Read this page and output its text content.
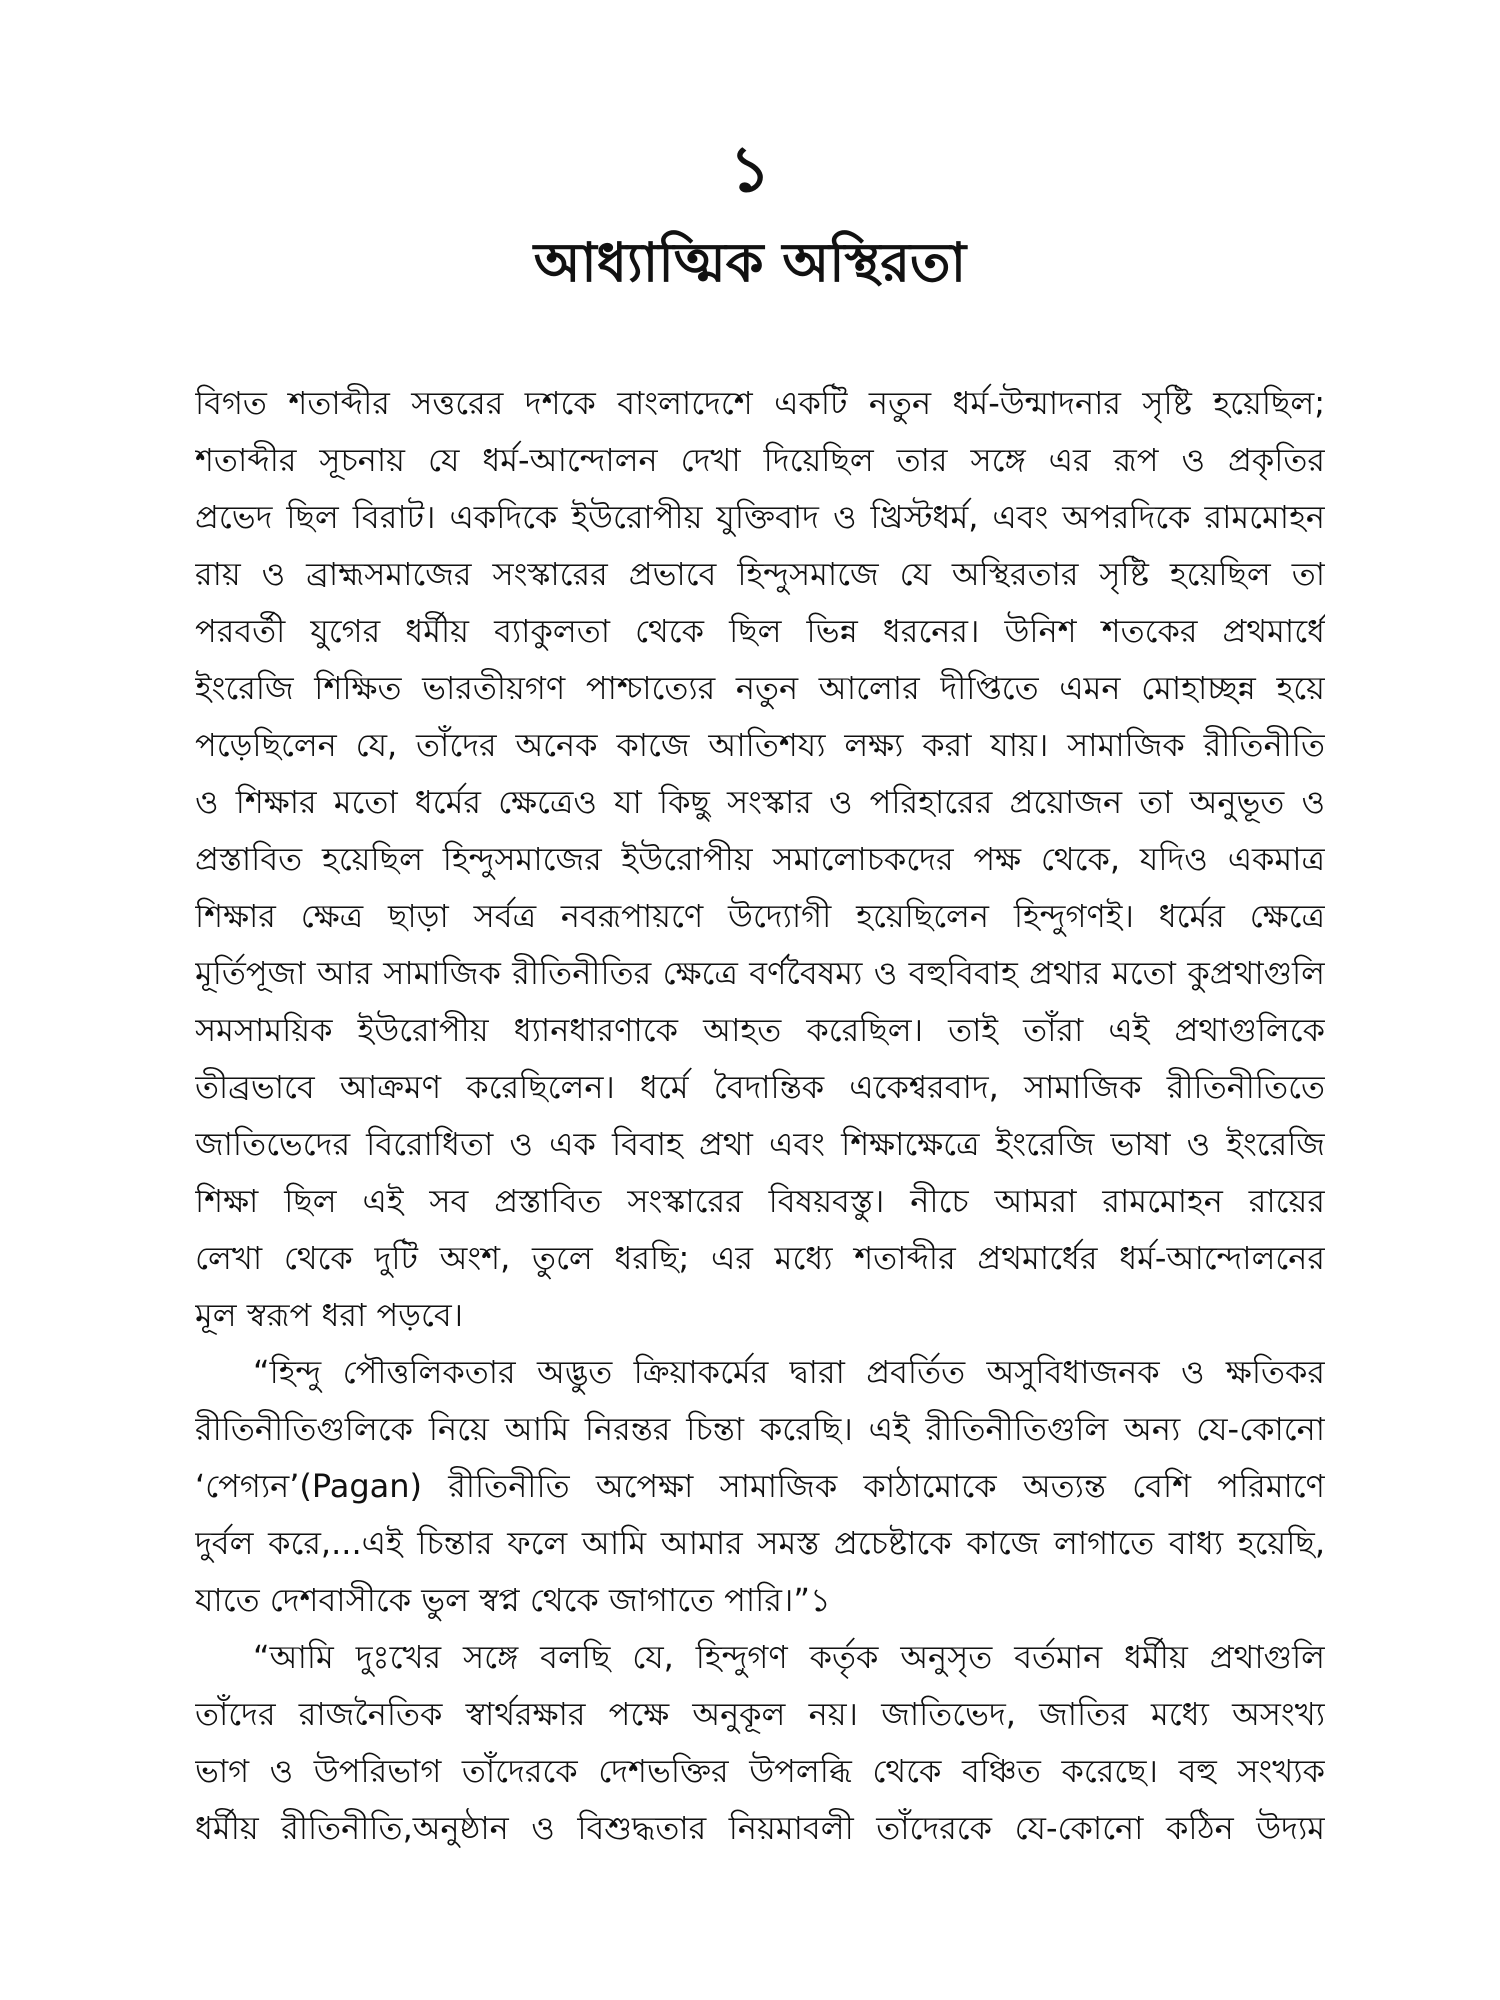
১
আধ্যাত্মিক অস্থিরতা

বিগত শতাব্দীর সত্তরের দশকে বাংলাদেশে একটি নতুন ধর্ম-উন্মাদনার সৃষ্টি হয়েছিল;
শতাব্দীর সূচনায় যে ধর্ম-আন্দোলন দেখা দিয়েছিল তার সঙ্গে এর রূপ ও প্রকৃতির
প্রভেদ ছিল বিরাট। একদিকে ইউরোপীয় যুক্তিবাদ ও খ্রিস্টধর্ম, এবং অপরদিকে রামমোহন
রায় ও ব্রাহ্মসমাজের সংস্কারের প্রভাবে হিন্দুসমাজে যে অস্থিরতার সৃষ্টি হয়েছিল তা
পরবর্তী যুগের ধর্মীয় ব্যাকুলতা থেকে ছিল ভিন্ন ধরনের। উনিশ শতকের প্রথমার্ধে
ইংরেজি শিক্ষিত ভারতীয়গণ পাশ্চাত্যের নতুন আলোর দীপ্তিতে এমন মোহাচ্ছন্ন হয়ে
পড়েছিলেন যে, তাঁদের অনেক কাজে আতিশয্য লক্ষ্য করা যায়। সামাজিক রীতিনীতি
ও শিক্ষার মতো ধর্মের ক্ষেত্রেও যা কিছু সংস্কার ও পরিহারের প্রয়োজন তা অনুভূত ও
প্রস্তাবিত হয়েছিল হিন্দুসমাজের ইউরোপীয় সমালোচকদের পক্ষ থেকে, যদিও একমাত্র
শিক্ষার ক্ষেত্র ছাড়া সর্বত্র নবরূপায়ণে উদ্যোগী হয়েছিলেন হিন্দুগণই। ধর্মের ক্ষেত্রে
মূর্তিপূজা আর সামাজিক রীতিনীতির ক্ষেত্রে বর্ণবৈষম্য ও বহুবিবাহ প্রথার মতো কুপ্রথাগুলি
সমসাময়িক ইউরোপীয় ধ্যানধারণাকে আহত করেছিল। তাই তাঁরা এই প্রথাগুলিকে
তীব্রভাবে আক্রমণ করেছিলেন। ধর্মে বৈদান্তিক একেশ্বরবাদ, সামাজিক রীতিনীতিতে
জাতিভেদের বিরোধিতা ও এক বিবাহ প্রথা এবং শিক্ষাক্ষেত্রে ইংরেজি ভাষা ও ইংরেজি
শিক্ষা ছিল এই সব প্রস্তাবিত সংস্কারের বিষয়বস্তু। নীচে আমরা রামমোহন রায়ের
লেখা থেকে দুটি অংশ, তুলে ধরছি; এর মধ্যে শতাব্দীর প্রথমার্ধের ধর্ম-আন্দোলনের
মূল স্বরূপ ধরা পড়বে।

“হিন্দু পৌত্তলিকতার অদ্ভুত ক্রিয়াকর্মের দ্বারা প্রবর্তিত অসুবিধাজনক ও ক্ষতিকর
রীতিনীতিগুলিকে নিয়ে আমি নিরন্তর চিন্তা করেছি। এই রীতিনীতিগুলি অন্য যে-কোনো
‘পেগ্যন’(Pagan) রীতিনীতি অপেক্ষা সামাজিক কাঠামোকে অত্যন্ত বেশি পরিমাণে
দুর্বল করে,...এই চিন্তার ফলে আমি আমার সমস্ত প্রচেষ্টাকে কাজে লাগাতে বাধ্য হয়েছি,
যাতে দেশবাসীকে ভুল স্বপ্ন থেকে জাগাতে পারি।”১

“আমি দুঃখের সঙ্গে বলছি যে, হিন্দুগণ কর্তৃক অনুসৃত বর্তমান ধর্মীয় প্রথাগুলি
তাঁদের রাজনৈতিক স্বার্থরক্ষার পক্ষে অনুকূল নয়। জাতিভেদ, জাতির মধ্যে অসংখ্য
ভাগ ও উপরিভাগ তাঁদেরকে দেশভক্তির উপলব্ধি থেকে বঞ্চিত করেছে। বহু সংখ্যক
ধর্মীয় রীতিনীতি,অনুষ্ঠান ও বিশুদ্ধতার নিয়মাবলী তাঁদেরকে যে-কোনো কঠিন উদ্যম
